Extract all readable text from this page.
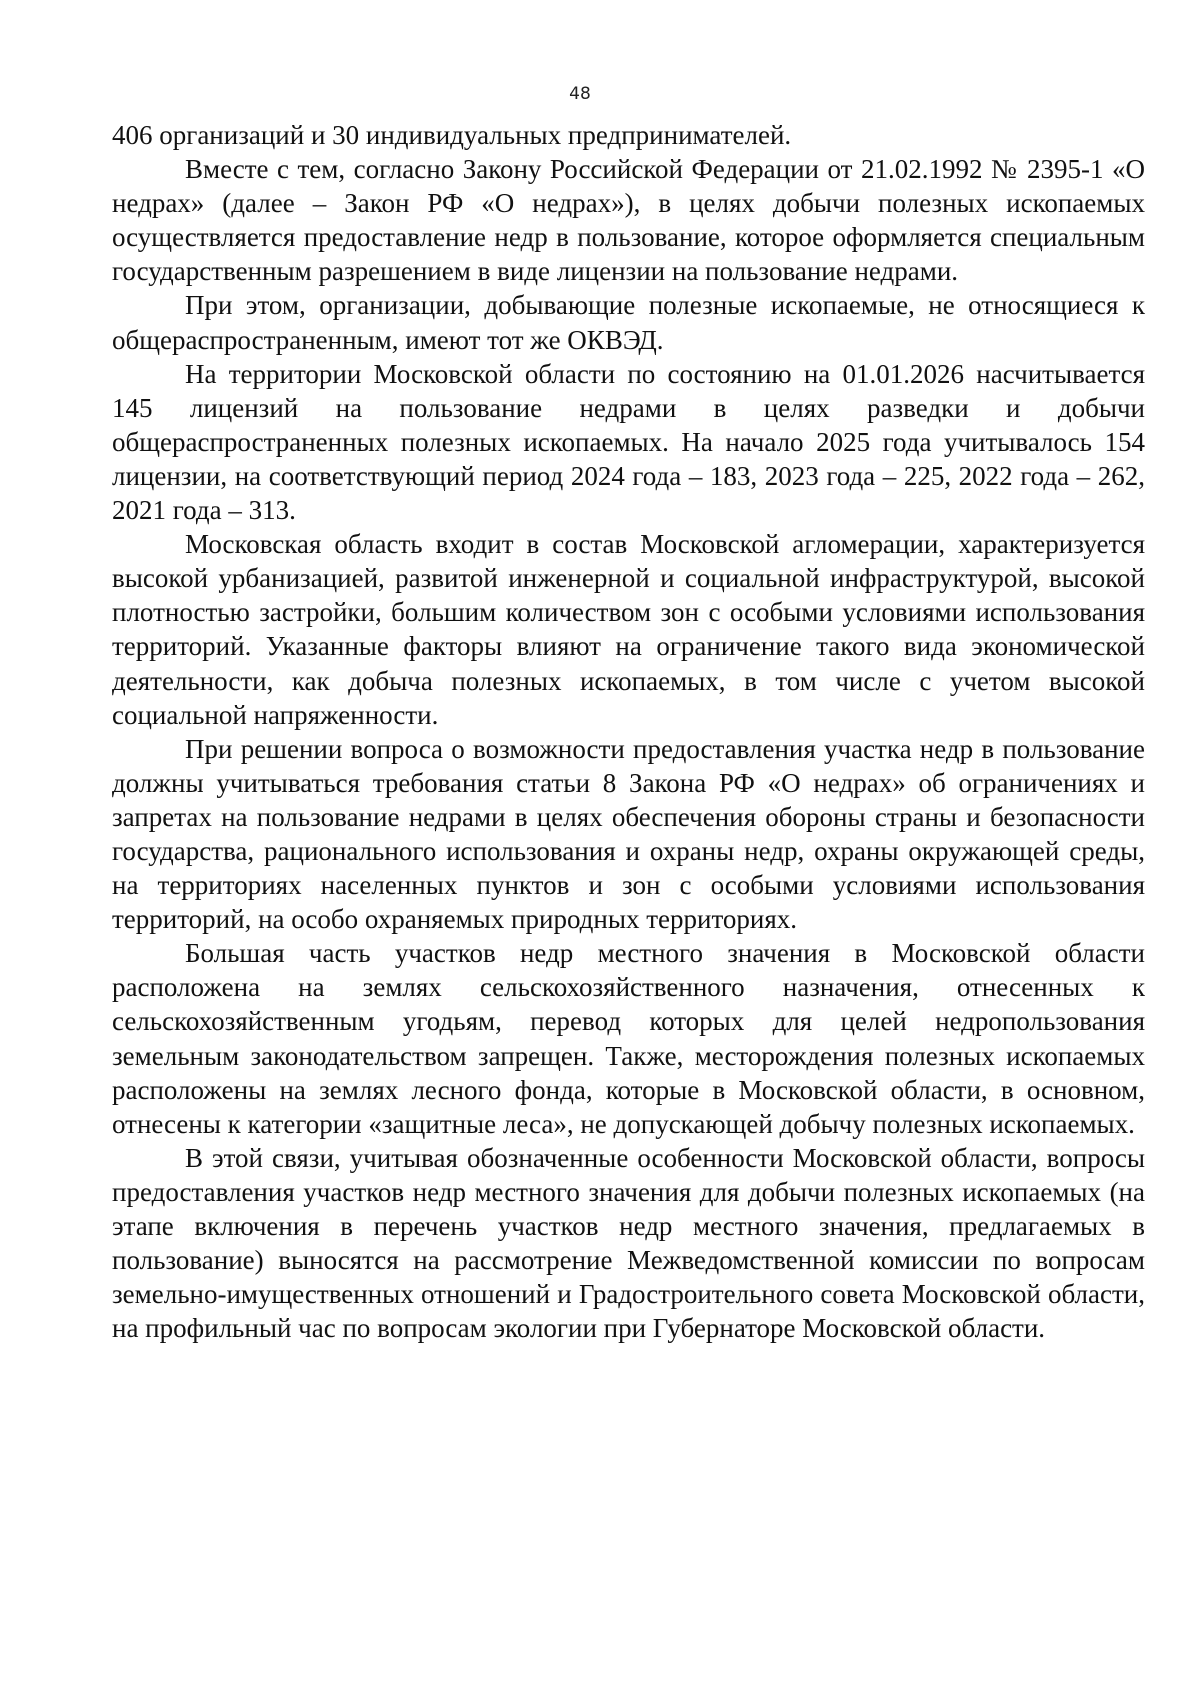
48

406 организаций и 30 индивидуальных предпринимателей.

Вместе с тем, согласно Закону Российской Федерации от 21.02.1992 № 2395-1 «О недрах» (далее – Закон РФ «О недрах»), в целях добычи полезных ископаемых осуществляется предоставление недр в пользование, которое оформляется специальным государственным разрешением в виде лицензии на пользование недрами.

При этом, организации, добывающие полезные ископаемые, не относящиеся к общераспространенным, имеют тот же ОКВЭД.

На территории Московской области по состоянию на 01.01.2026 насчитывается 145 лицензий на пользование недрами в целях разведки и добычи общераспространенных полезных ископаемых. На начало 2025 года учитывалось 154 лицензии, на соответствующий период 2024 года – 183, 2023 года – 225, 2022 года – 262, 2021 года – 313.

Московская область входит в состав Московской агломерации, характеризуется высокой урбанизацией, развитой инженерной и социальной инфраструктурой, высокой плотностью застройки, большим количеством зон с особыми условиями использования территорий. Указанные факторы влияют на ограничение такого вида экономической деятельности, как добыча полезных ископаемых, в том числе с учетом высокой социальной напряженности.

При решении вопроса о возможности предоставления участка недр в пользование должны учитываться требования статьи 8 Закона РФ «О недрах» об ограничениях и запретах на пользование недрами в целях обеспечения обороны страны и безопасности государства, рационального использования и охраны недр, охраны окружающей среды, на территориях населенных пунктов и зон с особыми условиями использования территорий, на особо охраняемых природных территориях.

Большая часть участков недр местного значения в Московской области расположена на землях сельскохозяйственного назначения, отнесенных к сельскохозяйственным угодьям, перевод которых для целей недропользования земельным законодательством запрещен. Также, месторождения полезных ископаемых расположены на землях лесного фонда, которые в Московской области, в основном, отнесены к категории «защитные леса», не допускающей добычу полезных ископаемых.

В этой связи, учитывая обозначенные особенности Московской области, вопросы предоставления участков недр местного значения для добычи полезных ископаемых (на этапе включения в перечень участков недр местного значения, предлагаемых в пользование) выносятся на рассмотрение Межведомственной комиссии по вопросам земельно-имущественных отношений и Градостроительного совета Московской области, на профильный час по вопросам экологии при Губернаторе Московской области.
